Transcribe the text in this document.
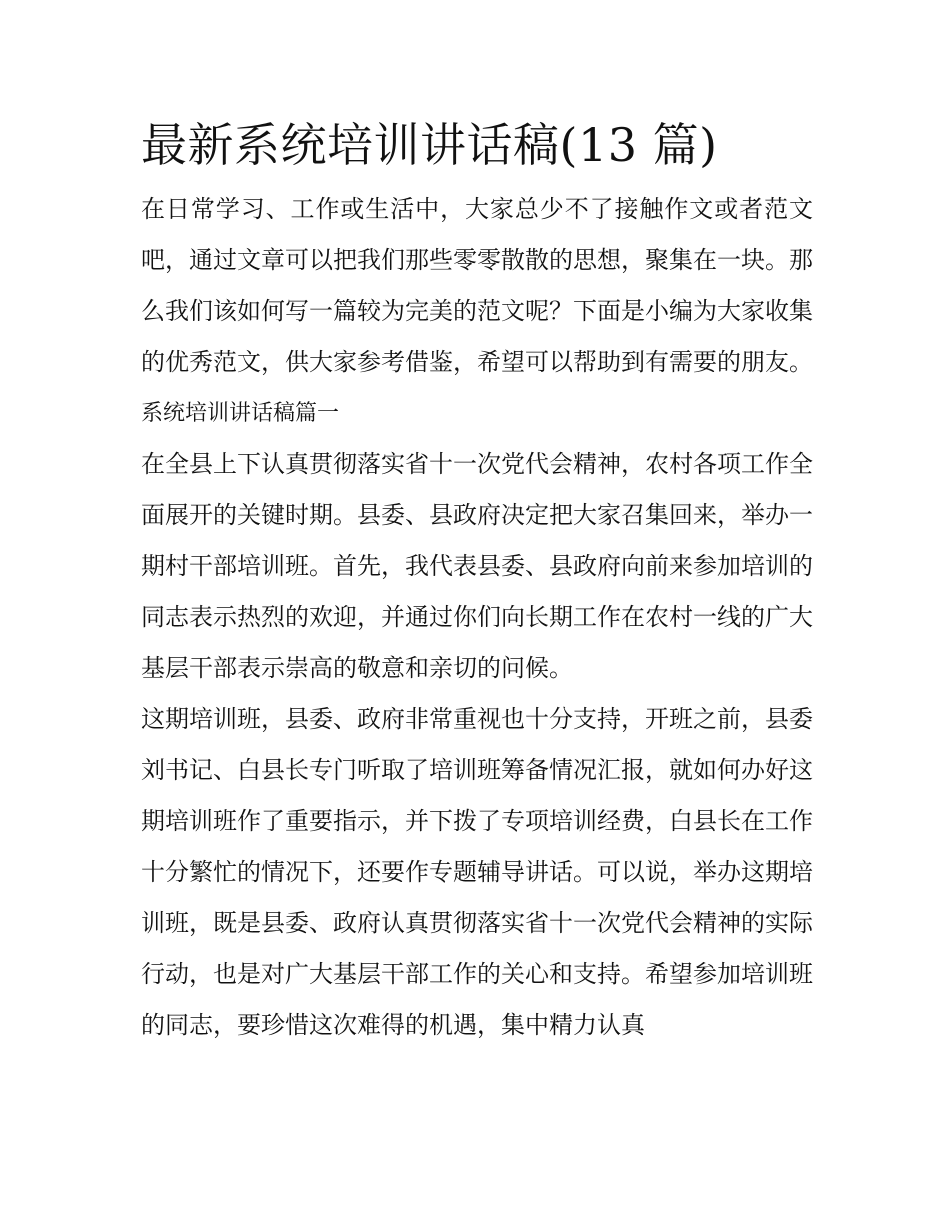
最新系统培训讲话稿(13 篇)

在日常学习、工作或生活中，大家总少不了接触作文或者范文吧，通过文章可以把我们那些零零散散的思想，聚集在一块。那么我们该如何写一篇较为完美的范文呢？下面是小编为大家收集的优秀范文，供大家参考借鉴，希望可以帮助到有需要的朋友。

系统培训讲话稿篇一

在全县上下认真贯彻落实省十一次党代会精神，农村各项工作全面展开的关键时期。县委、县政府决定把大家召集回来，举办一期村干部培训班。首先，我代表县委、县政府向前来参加培训的同志表示热烈的欢迎，并通过你们向长期工作在农村一线的广大基层干部表示崇高的敬意和亲切的问候。

这期培训班，县委、政府非常重视也十分支持，开班之前，县委刘书记、白县长专门听取了培训班筹备情况汇报，就如何办好这期培训班作了重要指示，并下拨了专项培训经费，白县长在工作十分繁忙的情况下，还要作专题辅导讲话。可以说，举办这期培训班，既是县委、政府认真贯彻落实省十一次党代会精神的实际行动，也是对广大基层干部工作的关心和支持。希望参加培训班的同志，要珍惜这次难得的机遇，集中精力认真
